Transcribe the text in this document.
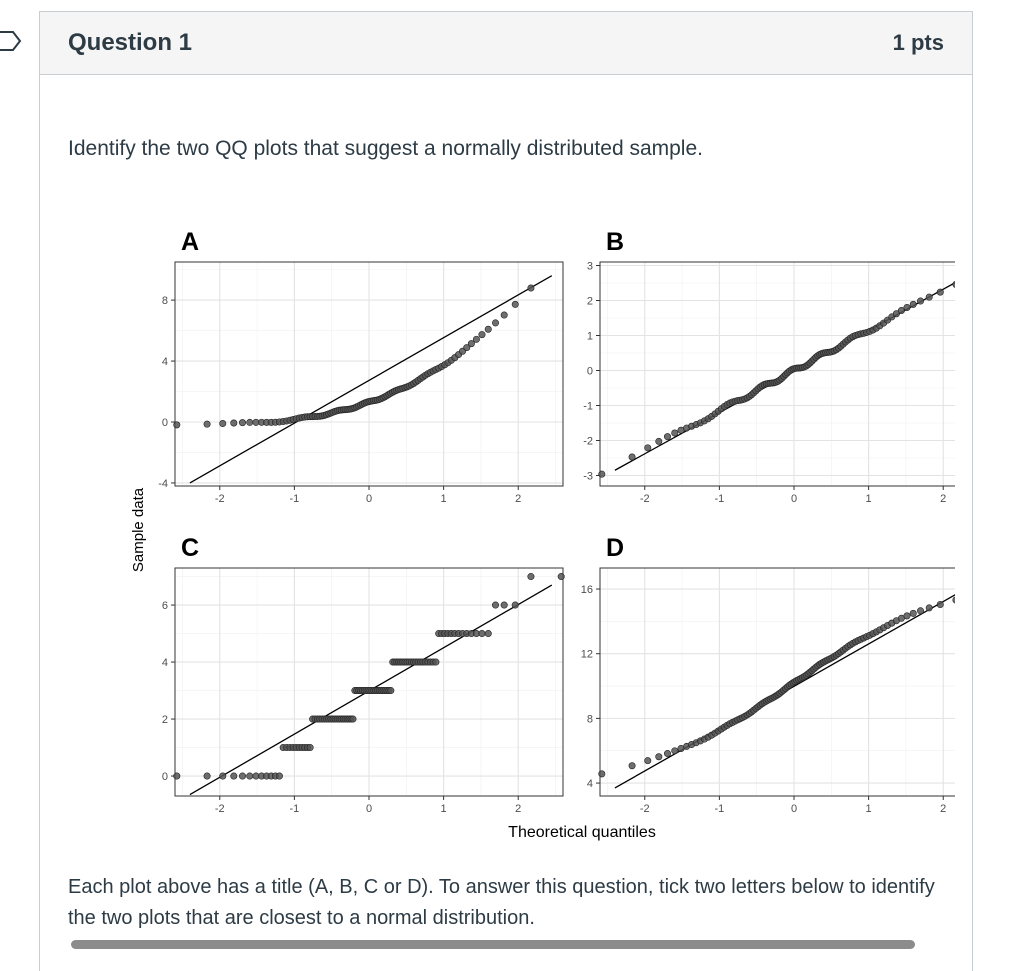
Question 1	1 pts
Identify the two QQ plots that suggest a normally distributed sample.
Sample data
Theoretical quantiles
-2	-1	0	1	2
-4
0
4
8
A
-2	-1	0	1	2
-3
-2
-1
0
1
2
3
B
-2	-1	0	1	2
0
2
4
6
C
-2	-1	0	1	2
4
8
12
16
D
Each plot above has a title (A, B, C or D). To answer this question, tick two letters below to identify the two plots that are closest to a normal distribution.
